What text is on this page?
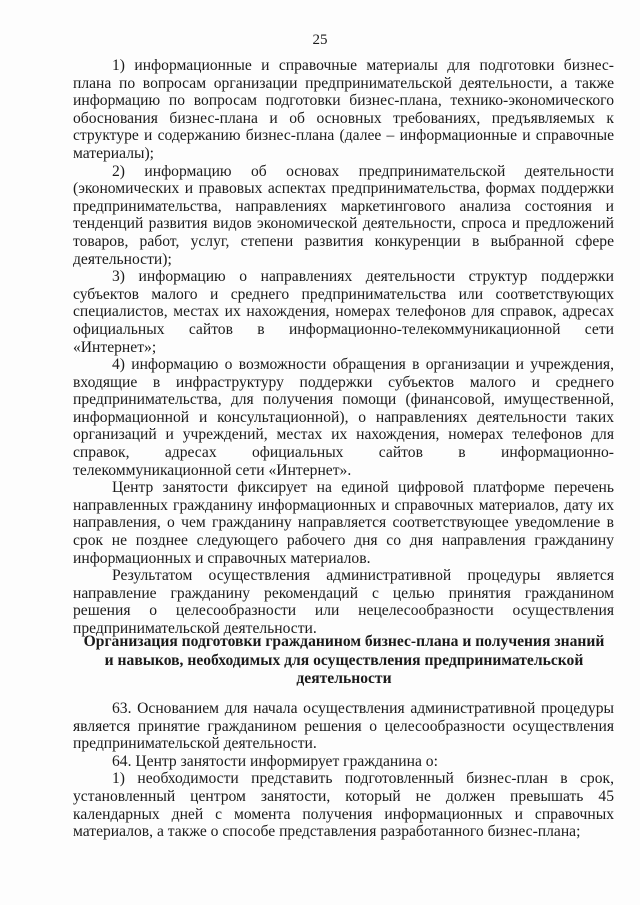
25

1) информационные и справочные материалы для подготовки бизнес-плана по вопросам организации предпринимательской деятельности, а также информацию по вопросам подготовки бизнес-плана, технико-экономического обоснования бизнес-плана и об основных требованиях, предъявляемых к структуре и содержанию бизнес-плана (далее – информационные и справочные материалы);

2) информацию об основах предпринимательской деятельности (экономических и правовых аспектах предпринимательства, формах поддержки предпринимательства, направлениях маркетингового анализа состояния и тенденций развития видов экономической деятельности, спроса и предложений товаров, работ, услуг, степени развития конкуренции в выбранной сфере деятельности);

3) информацию о направлениях деятельности структур поддержки субъектов малого и среднего предпринимательства или соответствующих специалистов, местах их нахождения, номерах телефонов для справок, адресах официальных сайтов в информационно-телекоммуникационной сети «Интернет»;

4) информацию о возможности обращения в организации и учреждения, входящие в инфраструктуру поддержки субъектов малого и среднего предпринимательства, для получения помощи (финансовой, имущественной, информационной и консультационной), о направлениях деятельности таких организаций и учреждений, местах их нахождения, номерах телефонов для справок, адресах официальных сайтов в информационно-телекоммуникационной сети «Интернет».

Центр занятости фиксирует на единой цифровой платформе перечень направленных гражданину информационных и справочных материалов, дату их направления, о чем гражданину направляется соответствующее уведомление в срок не позднее следующего рабочего дня со дня направления гражданину информационных и справочных материалов.

Результатом осуществления административной процедуры является направление гражданину рекомендаций с целью принятия гражданином решения о целесообразности или нецелесообразности осуществления предпринимательской деятельности.

Организация подготовки гражданином бизнес-плана и получения знаний и навыков, необходимых для осуществления предпринимательской деятельности

63. Основанием для начала осуществления административной процедуры является принятие гражданином решения о целесообразности осуществления предпринимательской деятельности.

64. Центр занятости информирует гражданина о:

1) необходимости представить подготовленный бизнес-план в срок, установленный центром занятости, который не должен превышать 45 календарных дней с момента получения информационных и справочных материалов, а также о способе представления разработанного бизнес-плана;
